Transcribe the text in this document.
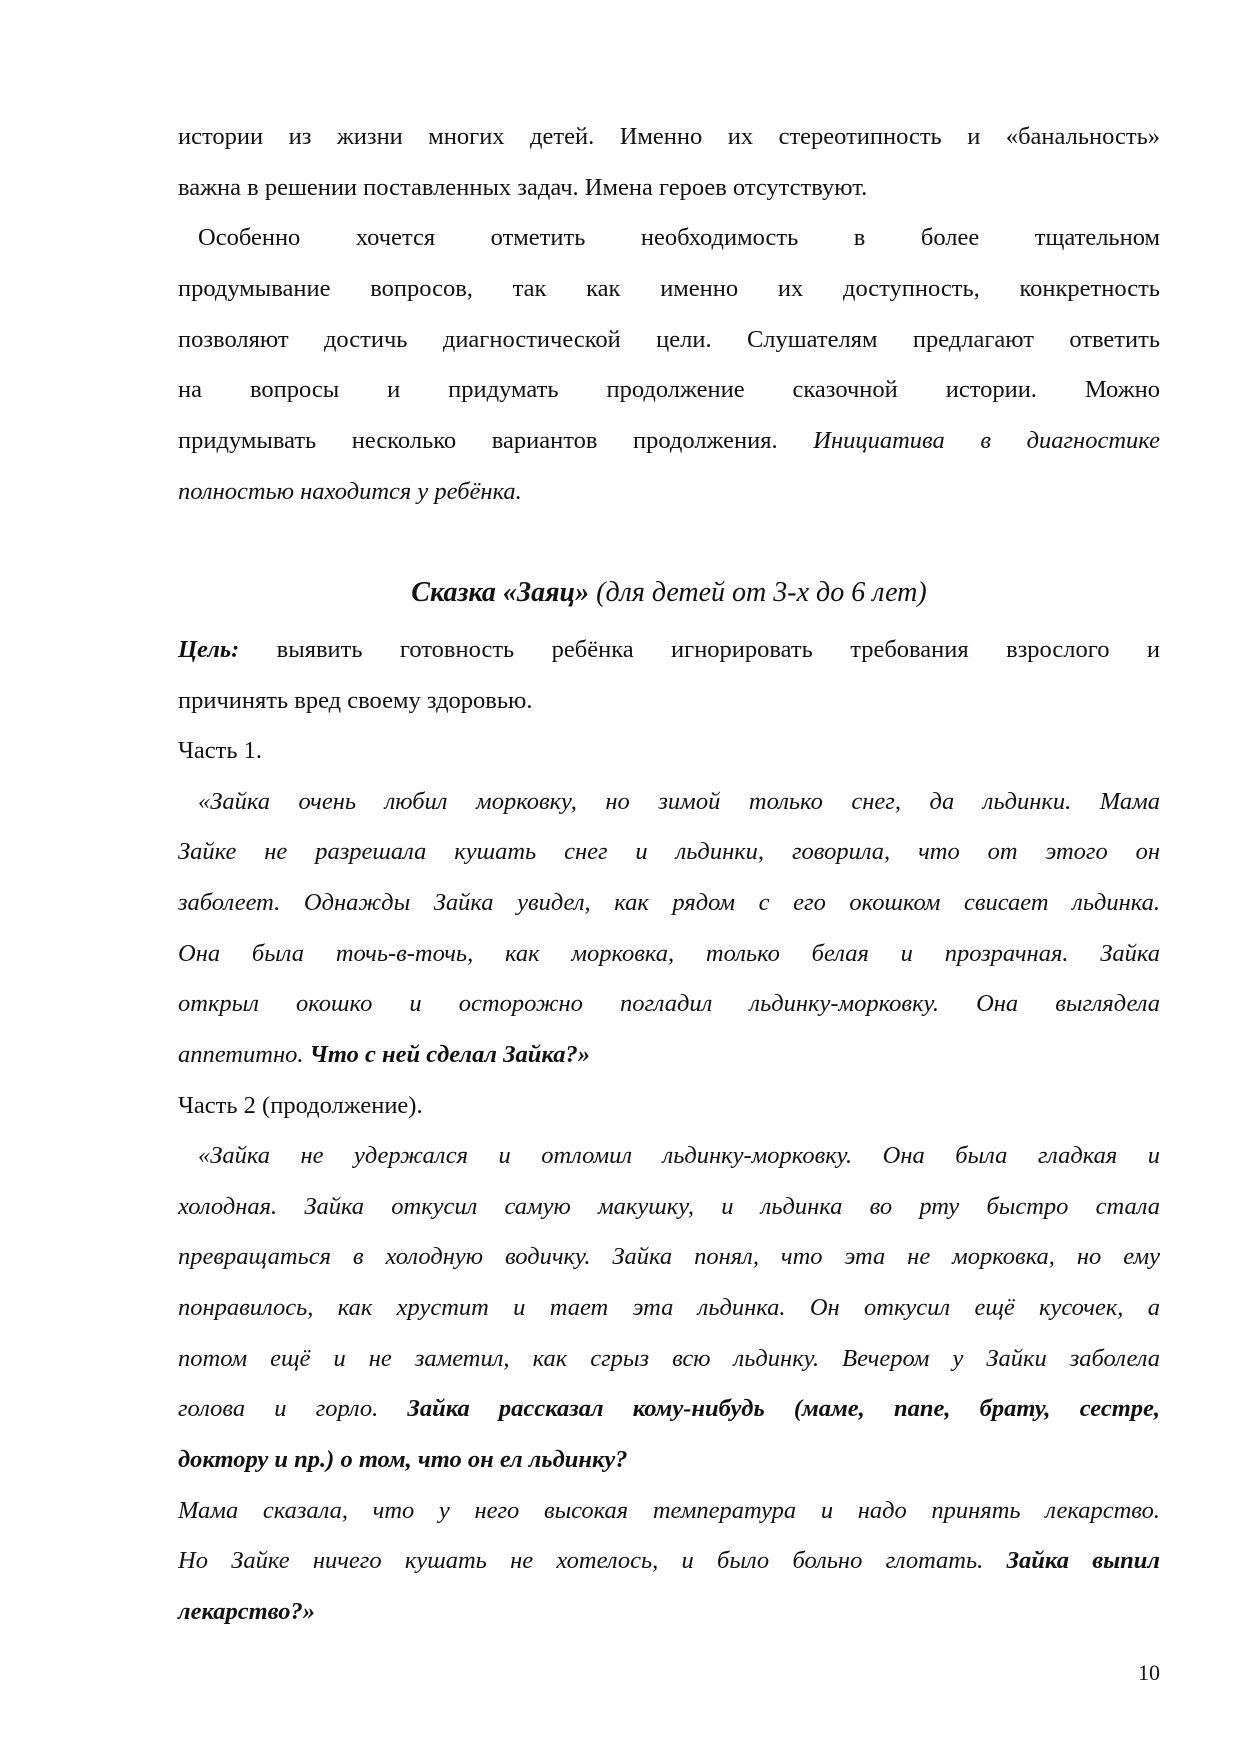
истории из жизни многих детей. Именно их стереотипность и «банальность»
важна в решении поставленных задач. Имена героев отсутствуют.
Особенно хочется отметить необходимость в более тщательном
продумывание вопросов, так как именно их доступность, конкретность
позволяют достичь диагностической цели. Слушателям предлагают ответить
на вопросы и придумать продолжение сказочной истории. Можно
придумывать несколько вариантов продолжения. Инициатива в диагностике
полностью находится у ребёнка.
Сказка «Заяц» (для детей от 3-х до 6 лет)
Цель: выявить готовность ребёнка игнорировать требования взрослого и
причинять вред своему здоровью.
Часть 1.
«Зайка очень любил морковку, но зимой только снег, да льдинки. Мама
Зайке не разрешала кушать снег и льдинки, говорила, что от этого он
заболеет. Однажды Зайка увидел, как рядом с его окошком свисает льдинка.
Она была точь-в-точь, как морковка, только белая и прозрачная. Зайка
открыл окошко и осторожно погладил льдинку-морковку. Она выглядела
аппетитно. Что с ней сделал Зайка?»
Часть 2 (продолжение).
«Зайка не удержался и отломил льдинку-морковку. Она была гладкая и
холодная. Зайка откусил самую макушку, и льдинка во рту быстро стала
превращаться в холодную водичку. Зайка понял, что эта не морковка, но ему
понравилось, как хрустит и тает эта льдинка. Он откусил ещё кусочек, а
потом ещё и не заметил, как сгрыз всю льдинку. Вечером у Зайки заболела
голова и горло. Зайка рассказал кому-нибудь (маме, папе, брату, сестре,
доктору и пр.) о том, что он ел льдинку?
Мама сказала, что у него высокая температура и надо принять лекарство.
Но Зайке ничего кушать не хотелось, и было больно глотать. Зайка выпил
лекарство?»
10
